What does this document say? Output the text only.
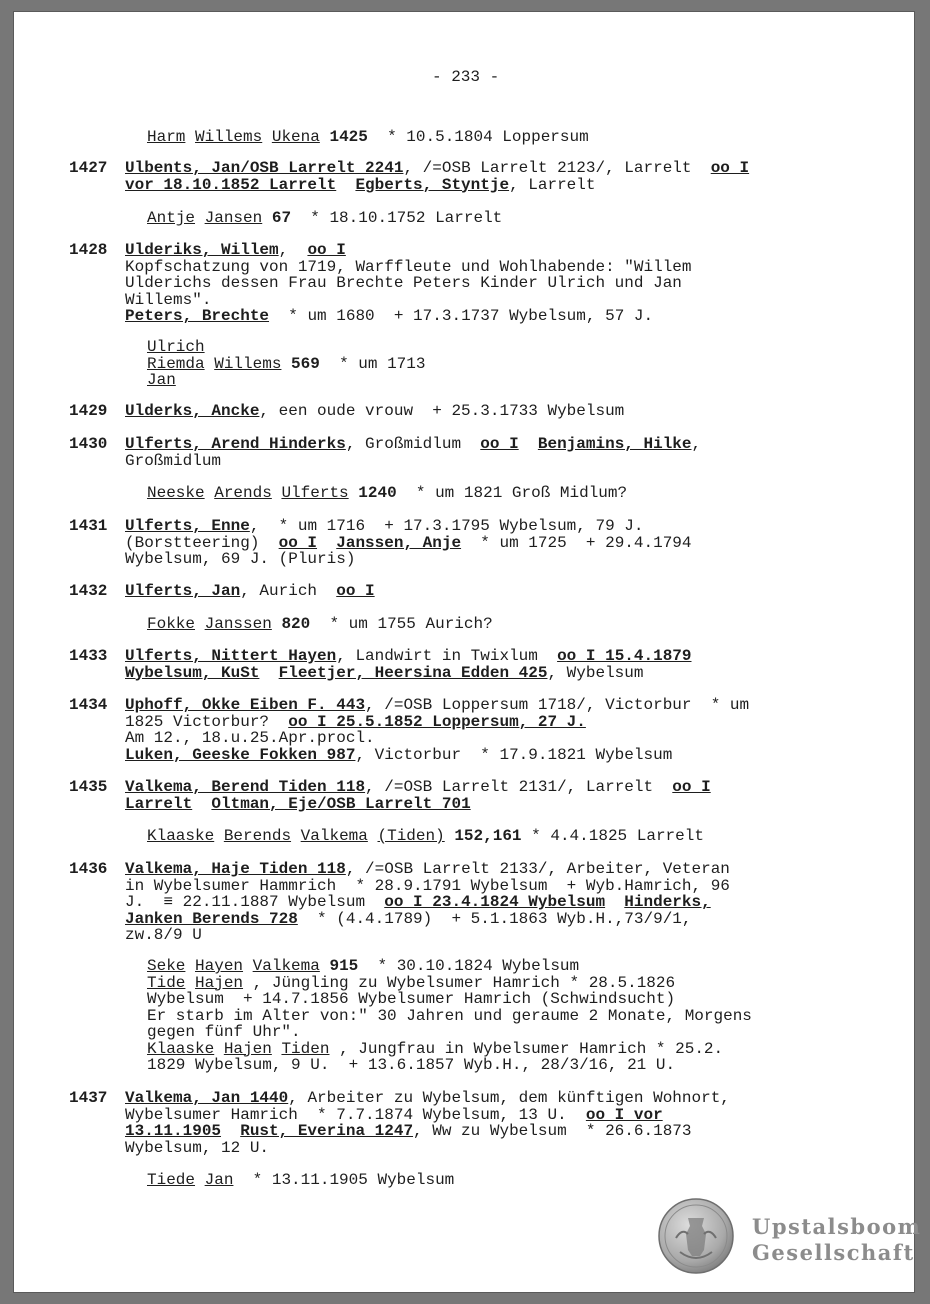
- 233 -
Harm Willems Ukena 1425  * 10.5.1804 Loppersum
1427 Ulbents, Jan/OSB Larrelt 2241, /=OSB Larrelt 2123/, Larrelt  oo I
vor 18.10.1852 Larrelt Egberts, Styntje, Larrelt
Antje Jansen 67  * 18.10.1752 Larrelt
1428 Ulderiks, Willem,  oo I
Kopfschatzung von 1719, Warffleute und Wohlhabende: "Willem
Ulderichs dessen Frau Brechte Peters Kinder Ulrich und Jan
Willems".
Peters, Brechte  * um 1680  + 17.3.1737 Wybelsum, 57 J.
Ulrich
Riemda Willems 569  * um 1713
Jan
1429 Ulderks, Ancke, een oude vrouw  + 25.3.1733 Wybelsum
1430 Ulferts, Arend Hinderks, Großmidlum  oo I Benjamins, Hilke,
Großmidlum
Neeske Arends Ulferts 1240  * um 1821 Groß Midlum?
1431 Ulferts, Enne,  * um 1716  + 17.3.1795 Wybelsum, 79 J.
(Borstteering)  oo I Janssen, Anje  * um 1725  + 29.4.1794
Wybelsum, 69 J. (Pluris)
1432 Ulferts, Jan, Aurich  oo I
Fokke Janssen 820  * um 1755 Aurich?
1433 Ulferts, Nittert Hayen, Landwirt in Twixlum  oo I 15.4.1879
Wybelsum, KuSt Fleetjer, Heersina Edden 425, Wybelsum
1434 Uphoff, Okke Eiben F. 443, /=OSB Loppersum 1718/, Victorbur  * um
1825 Victorbur?  oo I 25.5.1852 Loppersum, 27 J.
Am 12., 18.u.25.Apr.procl.
Luken, Geeske Fokken 987, Victorbur  * 17.9.1821 Wybelsum
1435 Valkema, Berend Tiden 118, /=OSB Larrelt 2131/, Larrelt  oo I
Larrelt Oltman, Eje/OSB Larrelt 701
Klaaske Berends Valkema (Tiden) 152,161 * 4.4.1825 Larrelt
1436 Valkema, Haje Tiden 118, /=OSB Larrelt 2133/, Arbeiter, Veteran
in Wybelsumer Hammrich  * 28.9.1791 Wybelsum  + Wyb.Hamrich, 96
J.  ≡ 22.11.1887 Wybelsum  oo I 23.4.1824 Wybelsum Hinderks,
Janken Berends 728  * (4.4.1789)  + 5.1.1863 Wyb.H.,73/9/1,
zw.8/9 U
Seke Hayen Valkema 915  * 30.10.1824 Wybelsum
Tide Hajen , Jüngling zu Wybelsumer Hamrich * 28.5.1826
Wybelsum  + 14.7.1856 Wybelsumer Hamrich (Schwindsucht)
Er starb im Alter von:" 30 Jahren und geraume 2 Monate, Morgens
gegen fünf Uhr".
Klaaske Hajen Tiden , Jungfrau in Wybelsumer Hamrich * 25.2.
1829 Wybelsum, 9 U.  + 13.6.1857 Wyb.H., 28/3/16, 21 U.
1437 Valkema, Jan 1440, Arbeiter zu Wybelsum, dem künftigen Wohnort,
Wybelsumer Hamrich  * 7.7.1874 Wybelsum, 13 U.  oo I vor
13.11.1905 Rust, Everina 1247, Ww zu Wybelsum  * 26.6.1873
Wybelsum, 12 U.
Tiede Jan  * 13.11.1905 Wybelsum
Upstalsboom
Gesellschaft
